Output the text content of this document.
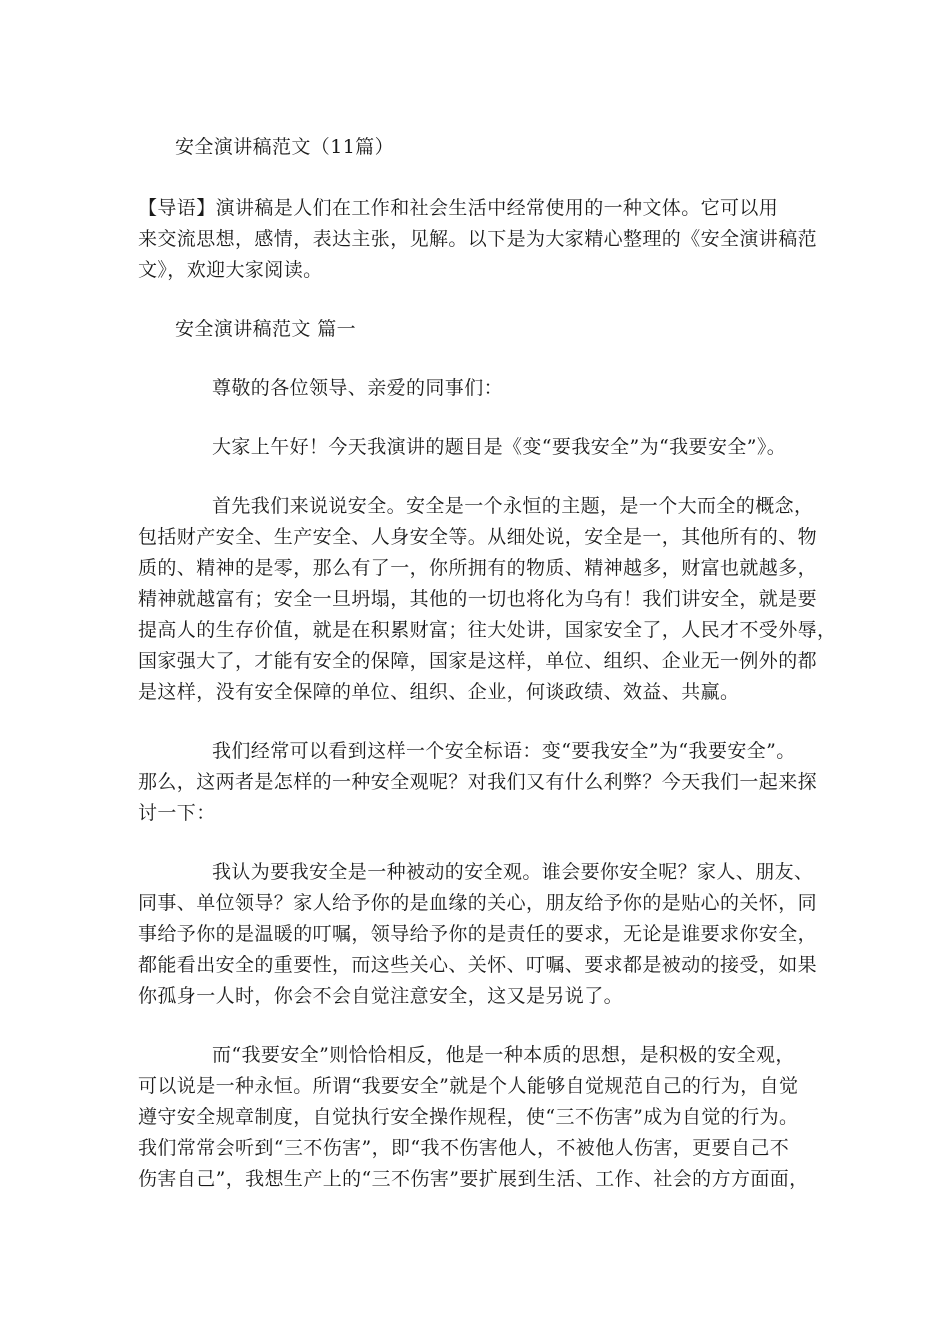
安全演讲稿范文（11篇）
【导语】演讲稿是人们在工作和社会生活中经常使用的一种文体。它可以用
来交流思想，感情，表达主张，见解。以下是为大家精心整理的《安全演讲稿范
文》，欢迎大家阅读。
安全演讲稿范文 篇一
尊敬的各位领导、亲爱的同事们：
大家上午好！今天我演讲的题目是《变“要我安全”为“我要安全”》。
首先我们来说说安全。安全是一个永恒的主题，是一个大而全的概念，
包括财产安全、生产安全、人身安全等。从细处说，安全是一，其他所有的、物
质的、精神的是零，那么有了一，你所拥有的物质、精神越多，财富也就越多，
精神就越富有；安全一旦坍塌，其他的一切也将化为乌有！我们讲安全，就是要
提高人的生存价值，就是在积累财富；往大处讲，国家安全了，人民才不受外辱，
国家强大了，才能有安全的保障，国家是这样，单位、组织、企业无一例外的都
是这样，没有安全保障的单位、组织、企业，何谈政绩、效益、共赢。
我们经常可以看到这样一个安全标语：变“要我安全”为“我要安全”。
那么，这两者是怎样的一种安全观呢？对我们又有什么利弊？今天我们一起来探
讨一下：
我认为要我安全是一种被动的安全观。谁会要你安全呢？家人、朋友、
同事、单位领导？家人给予你的是血缘的关心，朋友给予你的是贴心的关怀，同
事给予你的是温暖的叮嘱，领导给予你的是责任的要求，无论是谁要求你安全，
都能看出安全的重要性，而这些关心、关怀、叮嘱、要求都是被动的接受，如果
你孤身一人时，你会不会自觉注意安全，这又是另说了。
而“我要安全”则恰恰相反，他是一种本质的思想，是积极的安全观，
可以说是一种永恒。所谓“我要安全”就是个人能够自觉规范自己的行为，自觉
遵守安全规章制度，自觉执行安全操作规程，使“三不伤害”成为自觉的行为。
我们常常会听到“三不伤害”，即“我不伤害他人，不被他人伤害，更要自己不
伤害自己”，我想生产上的“三不伤害”要扩展到生活、工作、社会的方方面面，
